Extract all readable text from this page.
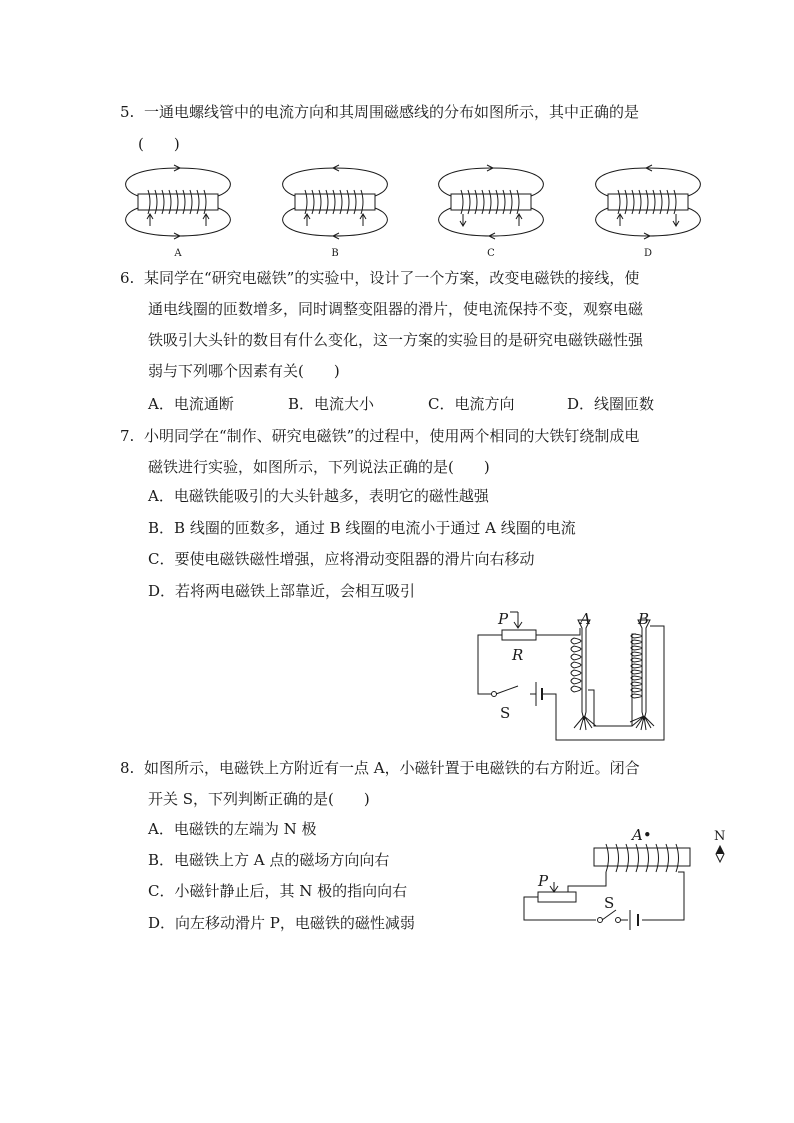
5. 一通电螺线管中的电流方向和其周围磁感线的分布如图所示，其中正确的是
(　　)
A	B	C	D
6. 某同学在“研究电磁铁”的实验中，设计了一个方案，改变电磁铁的接线，使
通电线圈的匝数增多，同时调整变阻器的滑片，使电流保持不变，观察电磁
铁吸引大头针的数目有什么变化，这一方案的实验目的是研究电磁铁磁性强
弱与下列哪个因素有关(　　)
A．电流通断	B．电流大小	C．电流方向	D．线圈匝数
7. 小明同学在“制作、研究电磁铁”的过程中，使用两个相同的大铁钉绕制成电
磁铁进行实验，如图所示，下列说法正确的是(　　)
A．电磁铁能吸引的大头针越多，表明它的磁性越强
B．B 线圈的匝数多，通过 B 线圈的电流小于通过 A 线圈的电流
C．要使电磁铁磁性增强，应将滑动变阻器的滑片向右移动
D．若将两电磁铁上部靠近，会相互吸引
P
R
S
A	B
8. 如图所示，电磁铁上方附近有一点 A，小磁针置于电磁铁的右方附近。闭合
开关 S，下列判断正确的是(　　)
A．电磁铁的左端为 N 极
B．电磁铁上方 A 点的磁场方向向右
C．小磁针静止后，其 N 极的指向向右
D．向左移动滑片 P，电磁铁的磁性减弱
A•	N
P
S
